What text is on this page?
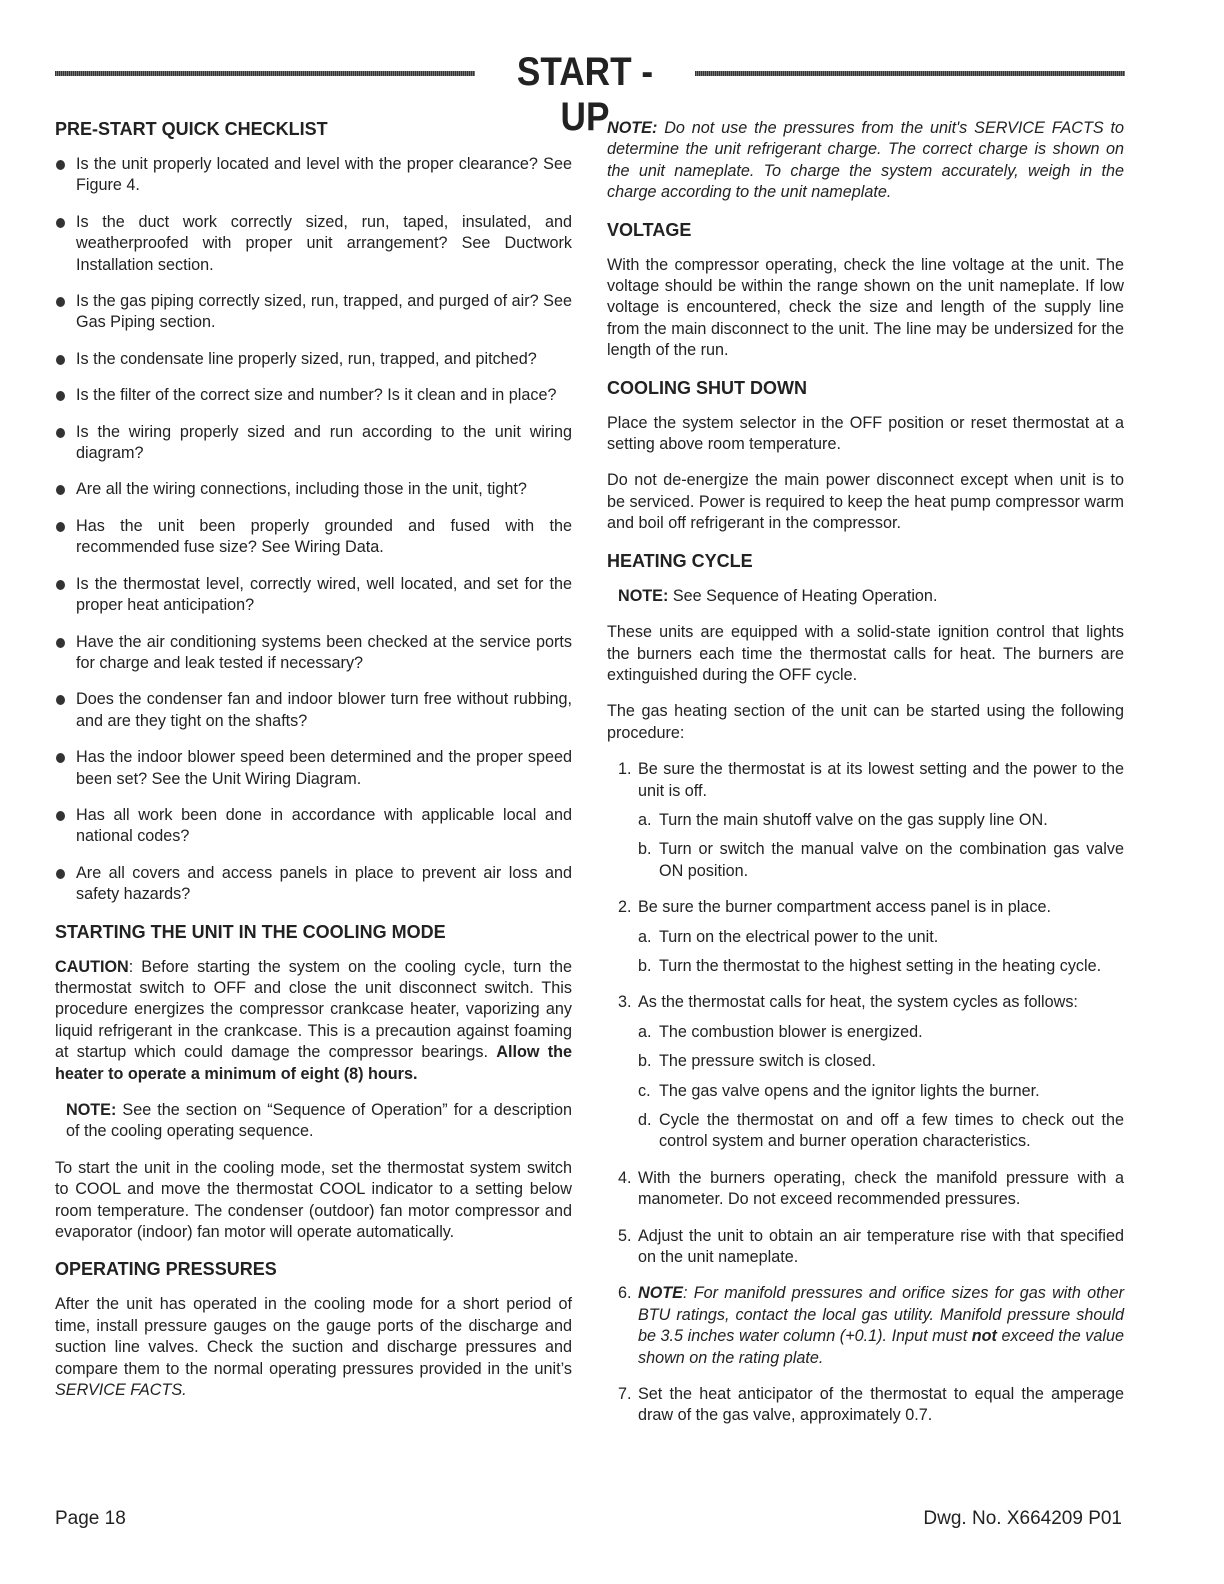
START - UP
PRE-START QUICK CHECKLIST
Is the unit properly located and level with the proper clearance? See Figure 4.
Is the duct work correctly sized, run, taped, insulated, and weatherproofed with proper unit arrangement? See Ductwork Installation section.
Is the gas piping correctly sized, run, trapped, and purged of air? See Gas Piping section.
Is the condensate line properly sized, run, trapped, and pitched?
Is the filter of the correct size and number? Is it clean and in place?
Is the wiring properly sized and run according to the unit wiring diagram?
Are all the wiring connections, including those in the unit, tight?
Has the unit been properly grounded and fused with the recommended fuse size? See Wiring Data.
Is the thermostat level, correctly wired, well located, and set for the proper heat anticipation?
Have the air conditioning systems been checked at the service ports for charge and leak tested if necessary?
Does the condenser fan and indoor blower turn free without rubbing, and are they tight on the shafts?
Has the indoor blower speed been determined and the proper speed been set? See the Unit Wiring Diagram.
Has all work been done in accordance with applicable local and national codes?
Are all covers and access panels in place to prevent air loss and safety hazards?
STARTING THE UNIT IN THE COOLING MODE
CAUTION: Before starting the system on the cooling cycle, turn the thermostat switch to OFF and close the unit disconnect switch. This procedure energizes the compressor crankcase heater, vaporizing any liquid refrigerant in the crankcase. This is a precaution against foaming at startup which could damage the compressor bearings. Allow the heater to operate a minimum of eight (8) hours.
NOTE: See the section on “Sequence of Operation” for a description of the cooling operating sequence.
To start the unit in the cooling mode, set the thermostat system switch to COOL and move the thermostat COOL indicator to a setting below room temperature. The condenser (outdoor) fan motor compressor and evaporator (indoor) fan motor will operate automatically.
OPERATING PRESSURES
After the unit has operated in the cooling mode for a short period of time, install pressure gauges on the gauge ports of the discharge and suction line valves. Check the suction and discharge pressures and compare them to the normal operating pressures provided in the unit’s SERVICE FACTS.
NOTE: Do not use the pressures from the unit's SERVICE FACTS to determine the unit refrigerant charge. The correct charge is shown on the unit nameplate. To charge the system accurately, weigh in the charge according to the unit nameplate.
VOLTAGE
With the compressor operating, check the line voltage at the unit. The voltage should be within the range shown on the unit nameplate. If low voltage is encountered, check the size and length of the supply line from the main disconnect to the unit. The line may be undersized for the length of the run.
COOLING SHUT DOWN
Place the system selector in the OFF position or reset thermostat at a setting above room temperature.
Do not de-energize the main power disconnect except when unit is to be serviced. Power is required to keep the heat pump compressor warm and boil off refrigerant in the compressor.
HEATING CYCLE
NOTE: See Sequence of Heating Operation.
These units are equipped with a solid-state ignition control that lights the burners each time the thermostat calls for heat. The burners are extinguished during the OFF cycle.
The gas heating section of the unit can be started using the following procedure:
1. Be sure the thermostat is at its lowest setting and the power to the unit is off.
a. Turn the main shutoff valve on the gas supply line ON.
b. Turn or switch the manual valve on the combination gas valve ON position.
2. Be sure the burner compartment access panel is in place.
a. Turn on the electrical power to the unit.
b. Turn the thermostat to the highest setting in the heating cycle.
3. As the thermostat calls for heat, the system cycles as follows:
a. The combustion blower is energized.
b. The pressure switch is closed.
c. The gas valve opens and the ignitor lights the burner.
d. Cycle the thermostat on and off a few times to check out the control system and burner operation characteristics.
4. With the burners operating, check the manifold pressure with a manometer. Do not exceed recommended pressures.
5. Adjust the unit to obtain an air temperature rise with that specified on the unit nameplate.
6. NOTE: For manifold pressures and orifice sizes for gas with other BTU ratings, contact the local gas utility. Manifold pressure should be 3.5 inches water column (+0.1). Input must not exceed the value shown on the rating plate.
7. Set the heat anticipator of the thermostat to equal the amperage draw of the gas valve, approximately 0.7.
Page 18	Dwg. No. X664209 P01
